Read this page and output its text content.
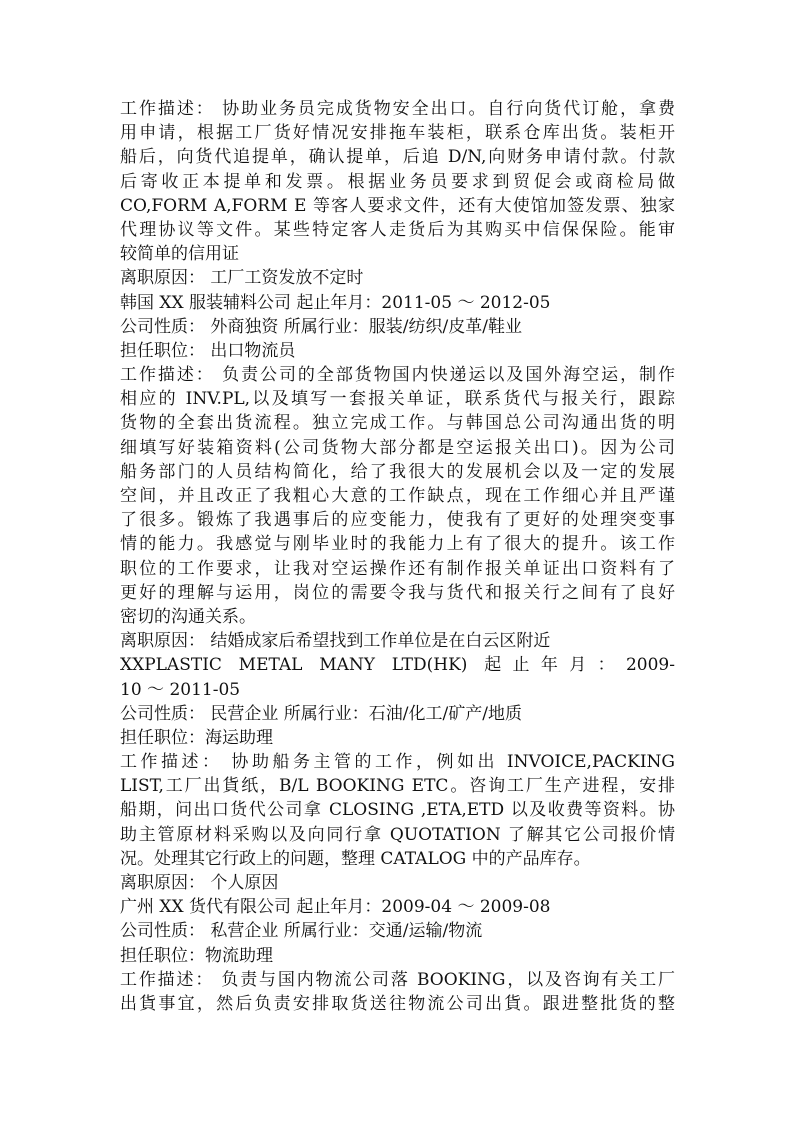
工作描述： 协助业务员完成货物安全出口。自行向货代订舱，拿费
用申请，根据工厂货好情况安排拖车装柜，联系仓库出货。装柜开
船后，向货代追提单，确认提单，后追 D/N,向财务申请付款。付款
后寄收正本提单和发票。根据业务员要求到贸促会或商检局做
CO,FORM A,FORM E 等客人要求文件，还有大使馆加签发票、独家
代理协议等文件。某些特定客人走货后为其购买中信保保险。能审
较简单的信用证
离职原因： 工厂工资发放不定时
韩国 XX 服装辅料公司 起止年月：2011-05 ～ 2012-05
公司性质： 外商独资 所属行业：服装/纺织/皮革/鞋业
担任职位： 出口物流员
工作描述： 负责公司的全部货物国内快递运以及国外海空运，制作
相应的 INV.PL,以及填写一套报关单证，联系货代与报关行，跟踪
货物的全套出货流程。独立完成工作。与韩国总公司沟通出货的明
细填写好装箱资料(公司货物大部分都是空运报关出口)。因为公司
船务部门的人员结构简化，给了我很大的发展机会以及一定的发展
空间，并且改正了我粗心大意的工作缺点，现在工作细心并且严谨
了很多。锻炼了我遇事后的应变能力，使我有了更好的处理突变事
情的能力。我感觉与刚毕业时的我能力上有了很大的提升。该工作
职位的工作要求，让我对空运操作还有制作报关单证出口资料有了
更好的理解与运用，岗位的需要令我与货代和报关行之间有了良好
密切的沟通关系。
离职原因： 结婚成家后希望找到工作单位是在白云区附近
XXPLASTIC METAL MANY LTD(HK) 起止年月：2009-
10 ～ 2011-05
公司性质： 民营企业 所属行业：石油/化工/矿产/地质
担任职位：海运助理
工作描述： 协助船务主管的工作，例如出 INVOICE,PACKING
LIST,工厂出貨纸，B/L BOOKING ETC。咨询工厂生产进程，安排
船期，问出口货代公司拿 CLOSING ,ETA,ETD 以及收费等资料。协
助主管原材料采购以及向同行拿 QUOTATION 了解其它公司报价情
况。处理其它行政上的问题，整理 CATALOG 中的产品库存。
离职原因： 个人原因
广州 XX 货代有限公司 起止年月：2009-04 ～ 2009-08
公司性质： 私营企业 所属行业：交通/运输/物流
担任职位：物流助理
工作描述： 负责与国内物流公司落 BOOKING，以及咨询有关工厂
出貨事宜，然后负责安排取货送往物流公司出貨。跟进整批货的整
